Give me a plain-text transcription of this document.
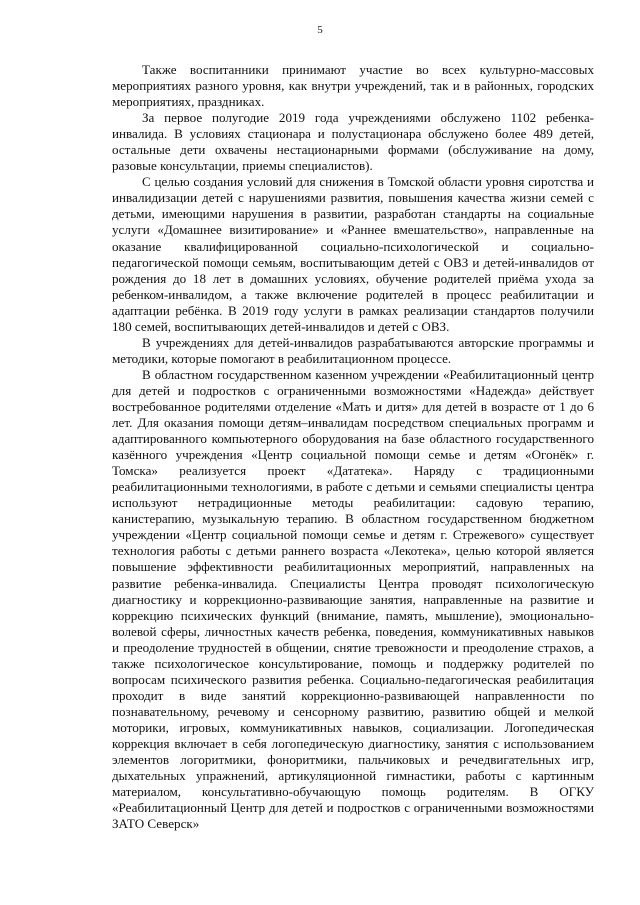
5

Также воспитанники принимают участие во всех культурно-массовых мероприятиях разного уровня, как внутри учреждений, так и в районных, городских мероприятиях, праздниках.

За первое полугодие 2019 года учреждениями обслужено 1102 ребенка-инвалида. В условиях стационара и полустационара обслужено более 489 детей, остальные дети охвачены нестационарными формами (обслуживание на дому, разовые консультации, приемы специалистов).

С целью создания условий для снижения в Томской области уровня сиротства и инвалидизации детей с нарушениями развития, повышения качества жизни семей с детьми, имеющими нарушения в развитии, разработан стандарты на социальные услуги «Домашнее визитирование» и «Раннее вмешательство», направленные на оказание квалифицированной социально-психологической и социально-педагогической помощи семьям, воспитывающим детей с ОВЗ и детей-инвалидов от рождения до 18 лет в домашних условиях, обучение родителей приёма ухода за ребенком-инвалидом, а также включение родителей в процесс реабилитации и адаптации ребёнка. В 2019 году услуги в рамках реализации стандартов получили 180 семей, воспитывающих детей-инвалидов и детей с ОВЗ.

В учреждениях для детей-инвалидов разрабатываются авторские программы и методики, которые помогают в реабилитационном процессе.

В областном государственном казенном учреждении «Реабилитационный центр для детей и подростков с ограниченными возможностями «Надежда» действует востребованное родителями отделение «Мать и дитя» для детей в возрасте от 1 до 6 лет. Для оказания помощи детям–инвалидам посредством специальных программ и адаптированного компьютерного оборудования на базе областного государственного казённого учреждения «Центр социальной помощи семье и детям «Огонёк» г. Томска» реализуется проект «Дататека». Наряду с традиционными реабилитационными технологиями, в работе с детьми и семьями специалисты центра используют нетрадиционные методы реабилитации: садовую терапию, канистерапию, музыкальную терапию. В областном государственном бюджетном учреждении «Центр социальной помощи семье и детям г. Стрежевого» существует технология работы с детьми раннего возраста «Лекотека», целью которой является повышение эффективности реабилитационных мероприятий, направленных на развитие ребенка-инвалида. Специалисты Центра проводят психологическую диагностику и коррекционно-развивающие занятия, направленные на развитие и коррекцию психических функций (внимание, память, мышление), эмоционально-волевой сферы, личностных качеств ребенка, поведения, коммуникативных навыков и преодоление трудностей в общении, снятие тревожности и преодоление страхов, а также психологическое консультирование, помощь и поддержку родителей по вопросам психического развития ребенка. Социально-педагогическая реабилитация проходит в виде занятий коррекционно-развивающей направленности по познавательному, речевому и сенсорному развитию, развитию общей и мелкой моторики, игровых, коммуникативных навыков, социализации. Логопедическая коррекция включает в себя логопедическую диагностику, занятия с использованием элементов логоритмики, фоноритмики, пальчиковых и речедвигательных игр, дыхательных упражнений, артикуляционной гимнастики, работы с картинным материалом, консультативно-обучающую помощь родителям. В ОГКУ «Реабилитационный Центр для детей и подростков с ограниченными возможностями ЗАТО Северск»
